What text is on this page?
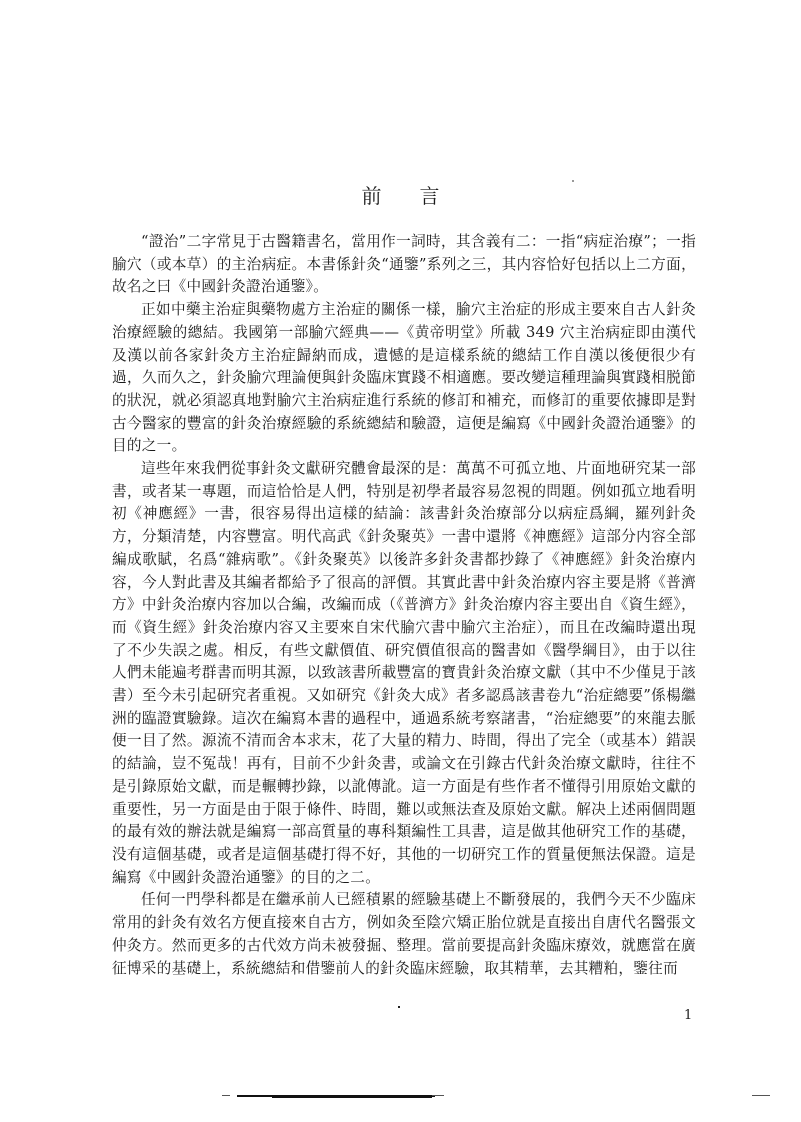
前言

“證治”二字常見于古醫籍書名，當用作一詞時，其含義有二：一指“病症治療”；一指腧穴（或本草）的主治病症。本書係針灸“通鑒”系列之三，其内容恰好包括以上二方面，故名之曰《中國針灸證治通鑒》。

正如中藥主治症與藥物處方主治症的關係一樣，腧穴主治症的形成主要來自古人針灸治療經驗的總結。我國第一部腧穴經典——《黄帝明堂》所載 349 穴主治病症即由漢代及漢以前各家針灸方主治症歸納而成，遺憾的是這樣系統的總結工作自漢以後便很少有過，久而久之，針灸腧穴理論便與針灸臨床實踐不相適應。要改變這種理論與實踐相脱節的狀況，就必須認真地對腧穴主治病症進行系統的修訂和補充，而修訂的重要依據即是對古今醫家的豐富的針灸治療經驗的系統總結和驗證，這便是編寫《中國針灸證治通鑒》的目的之一。

這些年來我們從事針灸文獻研究體會最深的是：萬萬不可孤立地、片面地研究某一部書，或者某一專題，而這恰恰是人們，特别是初學者最容易忽視的問題。例如孤立地看明初《神應經》一書，很容易得出這樣的結論：該書針灸治療部分以病症爲綱，羅列針灸方，分類清楚，内容豐富。明代高武《針灸聚英》一書中還將《神應經》這部分内容全部編成歌賦，名爲“雜病歌”。《針灸聚英》以後許多針灸書都抄錄了《神應經》針灸治療内容，今人對此書及其編者都給予了很高的評價。其實此書中針灸治療内容主要是將《普濟方》中針灸治療内容加以合編，改編而成（《普濟方》針灸治療内容主要出自《資生經》，而《資生經》針灸治療内容又主要來自宋代腧穴書中腧穴主治症），而且在改編時還出現了不少失誤之處。相反，有些文獻價值、研究價值很高的醫書如《醫學綱目》，由于以往人們未能遍考群書而明其源，以致該書所載豐富的寶貴針灸治療文獻（其中不少僅見于該書）至今未引起研究者重視。又如研究《針灸大成》者多認爲該書卷九“治症總要”係楊繼洲的臨證實驗錄。這次在編寫本書的過程中，通過系統考察諸書，“治症總要”的來龍去脈便一目了然。源流不清而舍本求末，花了大量的精力、時間，得出了完全（或基本）錯誤的結論，豈不冤哉！再有，目前不少針灸書，或論文在引錄古代針灸治療文獻時，往往不是引錄原始文獻，而是輾轉抄錄，以訛傳訛。這一方面是有些作者不懂得引用原始文獻的重要性，另一方面是由于限于條件、時間，難以或無法查及原始文獻。解决上述兩個問題的最有效的辦法就是編寫一部高質量的專科類編性工具書，這是做其他研究工作的基礎，没有這個基礎，或者是這個基礎打得不好，其他的一切研究工作的質量便無法保證。這是編寫《中國針灸證治通鑒》的目的之二。

任何一門學科都是在繼承前人已經積累的經驗基礎上不斷發展的，我們今天不少臨床常用的針灸有效名方便直接來自古方，例如灸至陰穴矯正胎位就是直接出自唐代名醫張文仲灸方。然而更多的古代效方尚未被發掘、整理。當前要提高針灸臨床療效，就應當在廣征博采的基礎上，系統總結和借鑒前人的針灸臨床經驗，取其精華，去其糟粕，鑒往而

1
